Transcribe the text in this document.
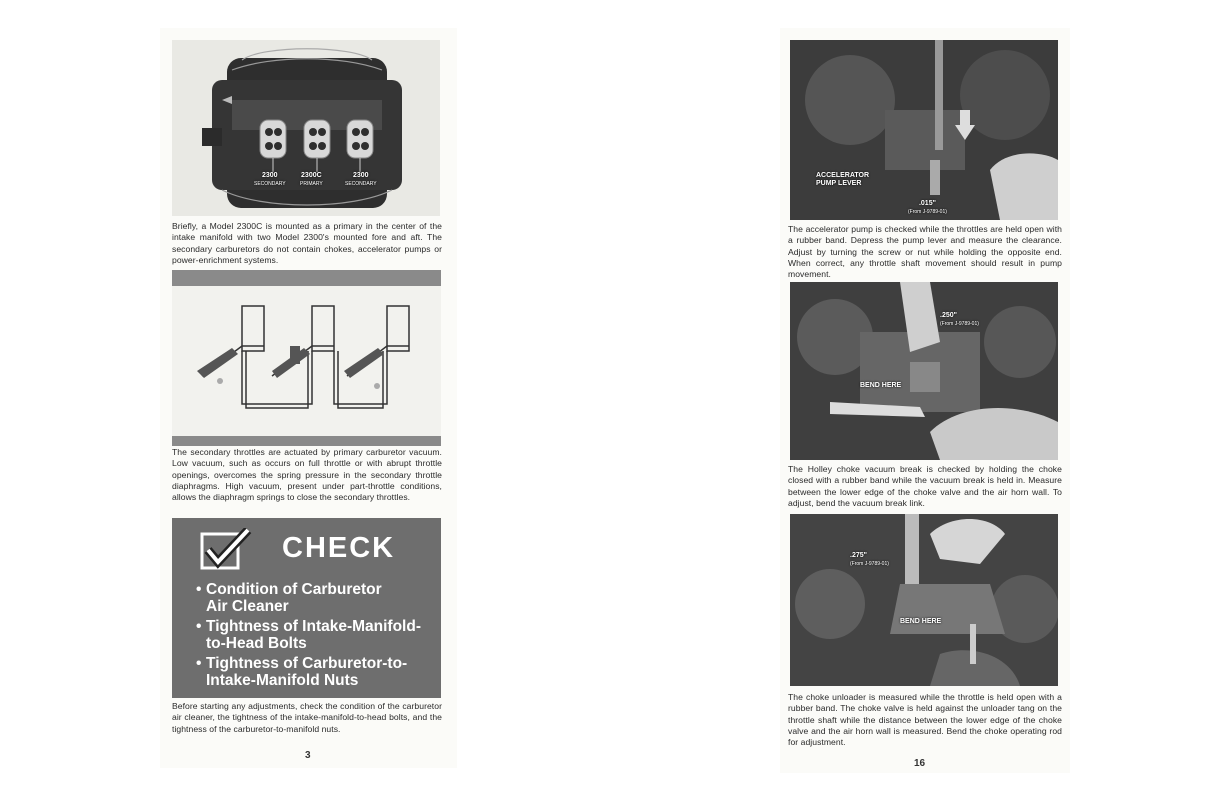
2300
SECONDARY
2300C
PRIMARY
2300
SECONDARY
Briefly, a Model 2300C is mounted as a primary in the center of the intake manifold with two Model 2300's mounted fore and aft. The secondary carburetors do not contain chokes, accelerator pumps or power-enrichment systems.
The secondary throttles are actuated by primary carburetor vacuum. Low vacuum, such as occurs on full throttle or with abrupt throttle openings, overcomes the spring pressure in the secondary throttle diaphragms. High vacuum, present under part-throttle conditions, allows the diaphragm springs to close the secondary throttles.
CHECK
• Condition of Carburetor
Air Cleaner
• Tightness of Intake-Manifold-
to-Head Bolts
• Tightness of Carburetor-to-
Intake-Manifold Nuts
Before starting any adjustments, check the condition of the carburetor air cleaner, the tightness of the intake-manifold-to-head bolts, and the tightness of the carburetor-to-manifold nuts.
3
ACCELERATOR
PUMP LEVER
.015"
(From J-9789-01)
The accelerator pump is checked while the throttles are held open with a rubber band. Depress the pump lever and measure the clearance. Adjust by turning the screw or nut while holding the opposite end. When correct, any throttle shaft movement should result in pump movement.
.250"
(From J-9789-01)
BEND HERE
The Holley choke vacuum break is checked by holding the choke closed with a rubber band while the vacuum break is held in. Measure between the lower edge of the choke valve and the air horn wall. To adjust, bend the vacuum break link.
.275"
(From J-9789-01)
BEND HERE
The choke unloader is measured while the throttle is held open with a rubber band. The choke valve is held against the unloader tang on the throttle shaft while the distance between the lower edge of the choke valve and the air horn wall is measured. Bend the choke operating rod for adjustment.
16
